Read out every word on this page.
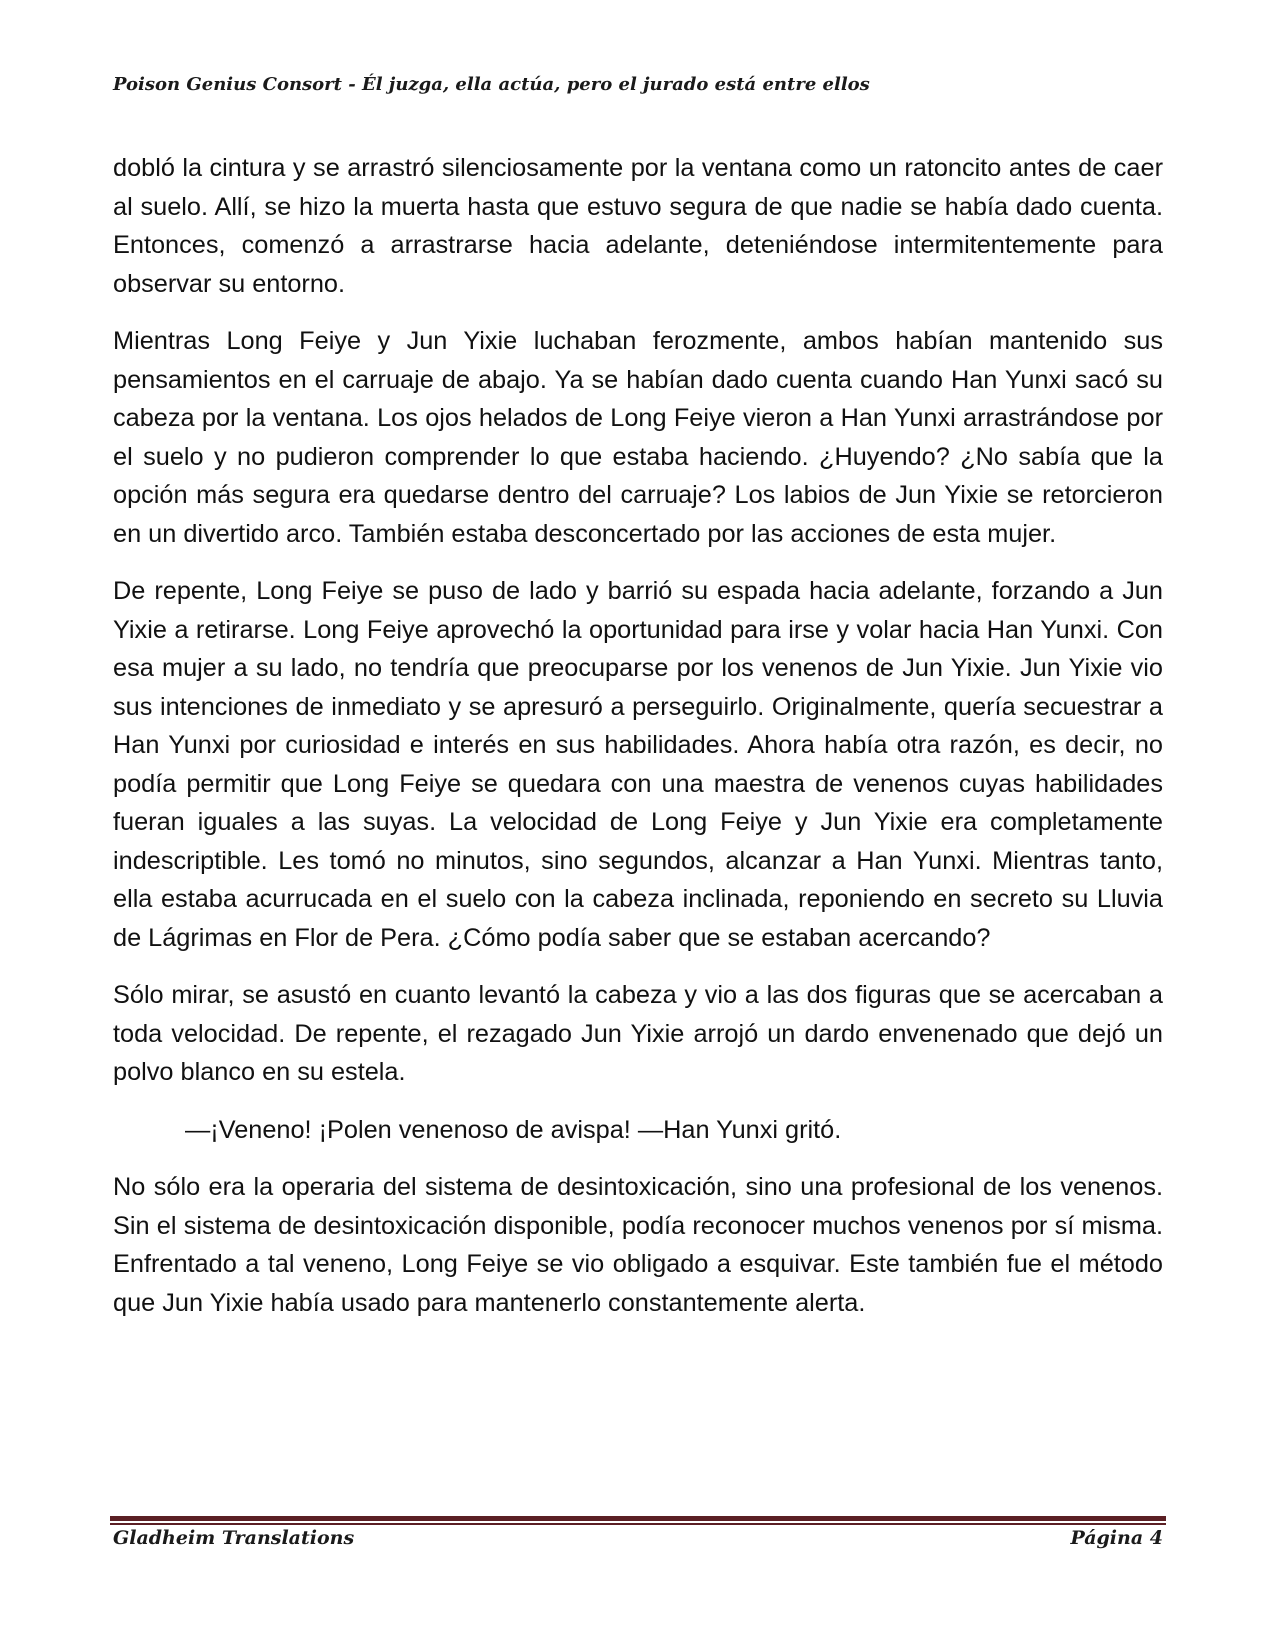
Poison Genius Consort - Él juzga, ella actúa, pero el jurado está entre ellos

dobló la cintura y se arrastró silenciosamente por la ventana como un ratoncito antes de caer al suelo. Allí, se hizo la muerta hasta que estuvo segura de que nadie se había dado cuenta. Entonces, comenzó a arrastrarse hacia adelante, deteniéndose intermitentemente para observar su entorno.

Mientras Long Feiye y Jun Yixie luchaban ferozmente, ambos habían mantenido sus pensamientos en el carruaje de abajo. Ya se habían dado cuenta cuando Han Yunxi sacó su cabeza por la ventana. Los ojos helados de Long Feiye vieron a Han Yunxi arrastrándose por el suelo y no pudieron comprender lo que estaba haciendo. ¿Huyendo? ¿No sabía que la opción más segura era quedarse dentro del carruaje? Los labios de Jun Yixie se retorcieron en un divertido arco. También estaba desconcertado por las acciones de esta mujer.

De repente, Long Feiye se puso de lado y barrió su espada hacia adelante, forzando a Jun Yixie a retirarse. Long Feiye aprovechó la oportunidad para irse y volar hacia Han Yunxi. Con esa mujer a su lado, no tendría que preocuparse por los venenos de Jun Yixie. Jun Yixie vio sus intenciones de inmediato y se apresuró a perseguirlo. Originalmente, quería secuestrar a Han Yunxi por curiosidad e interés en sus habilidades. Ahora había otra razón, es decir, no podía permitir que Long Feiye se quedara con una maestra de venenos cuyas habilidades fueran iguales a las suyas. La velocidad de Long Feiye y Jun Yixie era completamente indescriptible. Les tomó no minutos, sino segundos, alcanzar a Han Yunxi. Mientras tanto, ella estaba acurrucada en el suelo con la cabeza inclinada, reponiendo en secreto su Lluvia de Lágrimas en Flor de Pera. ¿Cómo podía saber que se estaban acercando?

Sólo mirar, se asustó en cuanto levantó la cabeza y vio a las dos figuras que se acercaban a toda velocidad. De repente, el rezagado Jun Yixie arrojó un dardo envenenado que dejó un polvo blanco en su estela.

—¡Veneno! ¡Polen venenoso de avispa! —Han Yunxi gritó.

No sólo era la operaria del sistema de desintoxicación, sino una profesional de los venenos. Sin el sistema de desintoxicación disponible, podía reconocer muchos venenos por sí misma. Enfrentado a tal veneno, Long Feiye se vio obligado a esquivar. Este también fue el método que Jun Yixie había usado para mantenerlo constantemente alerta.

Gladheim Translations	Página 4
